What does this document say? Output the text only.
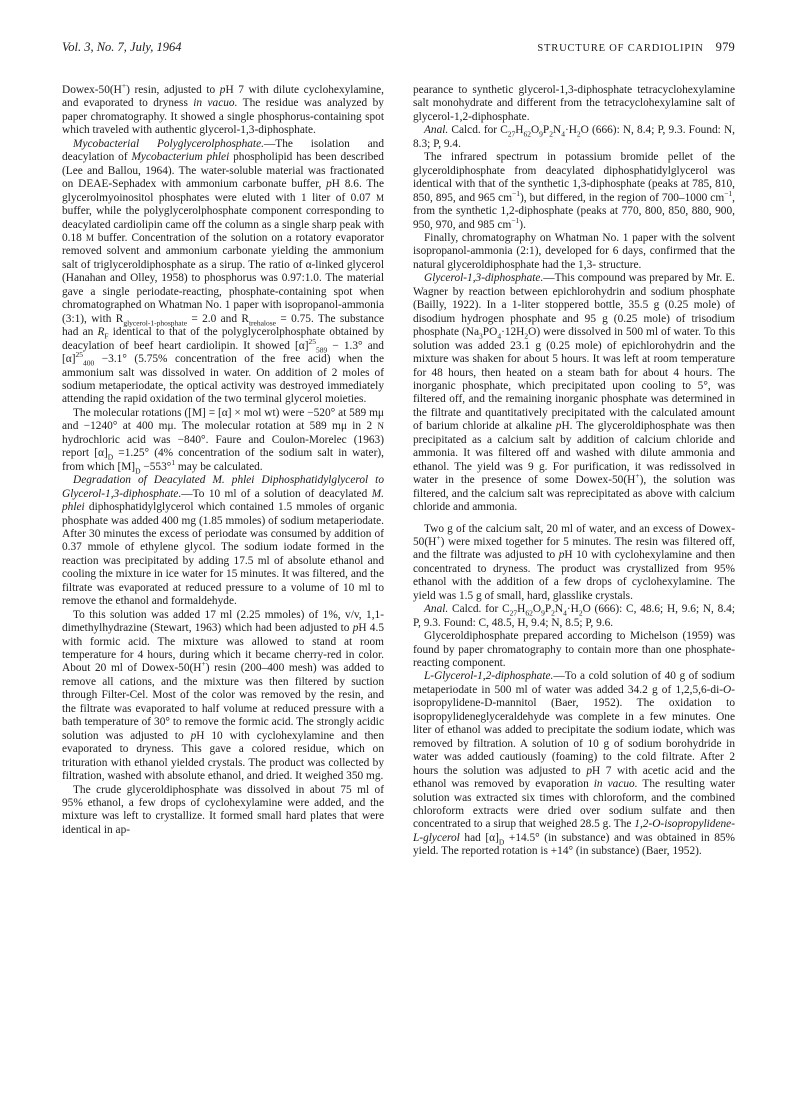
Vol. 3, No. 7, July, 1964	STRUCTURE OF CARDIOLIPIN 979

Dowex-50(H+) resin, adjusted to pH 7 with dilute cyclohexylamine, and evaporated to dryness in vacuo. The residue was analyzed by paper chromatography. It showed a single phosphorus-containing spot which traveled with authentic glycerol-1,3-diphosphate.

Mycobacterial Polyglycerolphosphate.—The isolation and deacylation of Mycobacterium phlei phospholipid has been described (Lee and Ballou, 1964). The water-soluble material was fractionated on DEAE-Sephadex with ammonium carbonate buffer, pH 8.6. The glycerolmyoinositol phosphates were eluted with 1 liter of 0.07 M buffer, while the polyglycerolphosphate component corresponding to deacylated cardiolipin came off the column as a single sharp peak with 0.18 M buffer. Concentration of the solution on a rotatory evaporator removed solvent and ammonium carbonate yielding the ammonium salt of triglyceroldiphosphate as a sirup. The ratio of α-linked glycerol (Hanahan and Olley, 1958) to phosphorus was 0.97:1.0. The material gave a single periodate-reacting, phosphate-containing spot when chromatographed on Whatman No. 1 paper with isopropanol-ammonia (3:1), with $R_{glycerol-1-phosphate} = 2.0$ and $R_{trehalose} = 0.75$. The substance had an $R_F$ identical to that of the polyglycerolphosphate obtained by deacylation of beef heart cardiolipin. It showed $[\alpha]^{25}_{589} - 1.3^\circ$ and $[\alpha]^{25}_{400} -3.1^\circ$ (5.75% concentration of the free acid) when the ammonium salt was dissolved in water. On addition of 2 moles of sodium metaperiodate, the optical activity was destroyed immediately attending the rapid oxidation of the two terminal glycerol moieties.

The molecular rotations ([M] = [α] × mol wt) were −520° at 589 mμ and −1240° at 400 mμ. The molecular rotation at 589 mμ in 2 N hydrochloric acid was −840°. Faure and Coulon-Morelec (1963) report $[\alpha]_D =1.25^\circ$ (4% concentration of the sodium salt in water), from which $[M]_D -553^\circ^1$ may be calculated.

Degradation of Deacylated M. phlei Diphosphatidylglycerol to Glycerol-1,3-diphosphate.—To 10 ml of a solution of deacylated M. phlei diphosphatidylglycerol which contained 1.5 mmoles of organic phosphate was added 400 mg (1.85 mmoles) of sodium metaperiodate. After 30 minutes the excess of periodate was consumed by addition of 0.37 mmole of ethylene glycol. The sodium iodate formed in the reaction was precipitated by adding 17.5 ml of absolute ethanol and cooling the mixture in ice water for 15 minutes. It was filtered, and the filtrate was evaporated at reduced pressure to a volume of 10 ml to remove the ethanol and formaldehyde.

To this solution was added 17 ml (2.25 mmoles) of 1%, v/v, 1,1-dimethylhydrazine (Stewart, 1963) which had been adjusted to pH 4.5 with formic acid. The mixture was allowed to stand at room temperature for 4 hours, during which it became cherry-red in color. About 20 ml of Dowex-50(H+) resin (200–400 mesh) was added to remove all cations, and the mixture was then filtered by suction through Filter-Cel. Most of the color was removed by the resin, and the filtrate was evaporated to half volume at reduced pressure with a bath temperature of 30° to remove the formic acid. The strongly acidic solution was adjusted to pH 10 with cyclohexylamine and then evaporated to dryness. This gave a colored residue, which on trituration with ethanol yielded crystals. The product was collected by filtration, washed with absolute ethanol, and dried. It weighed 350 mg.

The crude glyceroldiphosphate was dissolved in about 75 ml of 95% ethanol, a few drops of cyclohexylamine were added, and the mixture was left to crystallize. It formed small hard plates that were identical in ap-

pearance to synthetic glycerol-1,3-diphosphate tetracyclohexylamine salt monohydrate and different from the tetracyclohexylamine salt of glycerol-1,2-diphosphate.

Anal. Calcd. for $C_{27}H_{62}O_9P_2N_4\cdot H_2O$ (666): N, 8.4; P, 9.3. Found: N, 8.3; P, 9.4.

The infrared spectrum in potassium bromide pellet of the glyceroldiphosphate from deacylated diphosphatidylglycerol was identical with that of the synthetic 1,3-diphosphate (peaks at 785, 810, 850, 895, and 965 $cm^{-1}$), but differed, in the region of 700–1000 $cm^{-1}$, from the synthetic 1,2-diphosphate (peaks at 770, 800, 850, 880, 900, 950, 970, and 985 $cm^{-1}$).

Finally, chromatography on Whatman No. 1 paper with the solvent isopropanol-ammonia (2:1), developed for 6 days, confirmed that the natural glyceroldiphosphate had the 1,3- structure.

Glycerol-1,3-diphosphate.—This compound was prepared by Mr. E. Wagner by reaction between epichlorohydrin and sodium phosphate (Bailly, 1922). In a 1-liter stoppered bottle, 35.5 g (0.25 mole) of disodium hydrogen phosphate and 95 g (0.25 mole) of trisodium phosphate $(Na_3PO_4\cdot 12H_2O)$ were dissolved in 500 ml of water. To this solution was added 23.1 g (0.25 mole) of epichlorohydrin and the mixture was shaken for about 5 hours. It was left at room temperature for 48 hours, then heated on a steam bath for about 4 hours. The inorganic phosphate, which precipitated upon cooling to 5°, was filtered off, and the remaining inorganic phosphate was determined in the filtrate and quantitatively precipitated with the calculated amount of barium chloride at alkaline pH. The glyceroldiphosphate was then precipitated as a calcium salt by addition of calcium chloride and ammonia. It was filtered off and washed with dilute ammonia and ethanol. The yield was 9 g. For purification, it was redissolved in water in the presence of some Dowex-50(H+), the solution was filtered, and the calcium salt was reprecipitated as above with calcium chloride and ammonia.

Two g of the calcium salt, 20 ml of water, and an excess of Dowex-50(H+) were mixed together for 5 minutes. The resin was filtered off, and the filtrate was adjusted to pH 10 with cyclohexylamine and then concentrated to dryness. The product was crystallized from 95% ethanol with the addition of a few drops of cyclohexylamine. The yield was 1.5 g of small, hard, glasslike crystals.

Anal. Calcd. for $C_{27}H_{62}O_9P_2N_4\cdot H_2O$ (666): C, 48.6; H, 9.6; N, 8.4; P, 9.3. Found: C, 48.5, H, 9.4; N, 8.5; P, 9.6.

Glyceroldiphosphate prepared according to Michelson (1959) was found by paper chromatography to contain more than one phosphate-reacting component.

L-Glycerol-1,2-diphosphate.—To a cold solution of 40 g of sodium metaperiodate in 500 ml of water was added 34.2 g of 1,2,5,6-di-O-isopropylidene-D-mannitol (Baer, 1952). The oxidation to isopropylideneglyceraldehyde was complete in a few minutes. One liter of ethanol was added to precipitate the sodium iodate, which was removed by filtration. A solution of 10 g of sodium borohydride in water was added cautiously (foaming) to the cold filtrate. After 2 hours the solution was adjusted to pH 7 with acetic acid and the ethanol was removed by evaporation in vacuo. The resulting water solution was extracted six times with chloroform, and the combined chloroform extracts were dried over sodium sulfate and then concentrated to a sirup that weighed 28.5 g. The 1,2-O-isopropylidene-L-glycerol had $[\alpha]_D +14.5^\circ$ (in substance) and was obtained in 85% yield. The reported rotation is +14° (in substance) (Baer, 1952).
